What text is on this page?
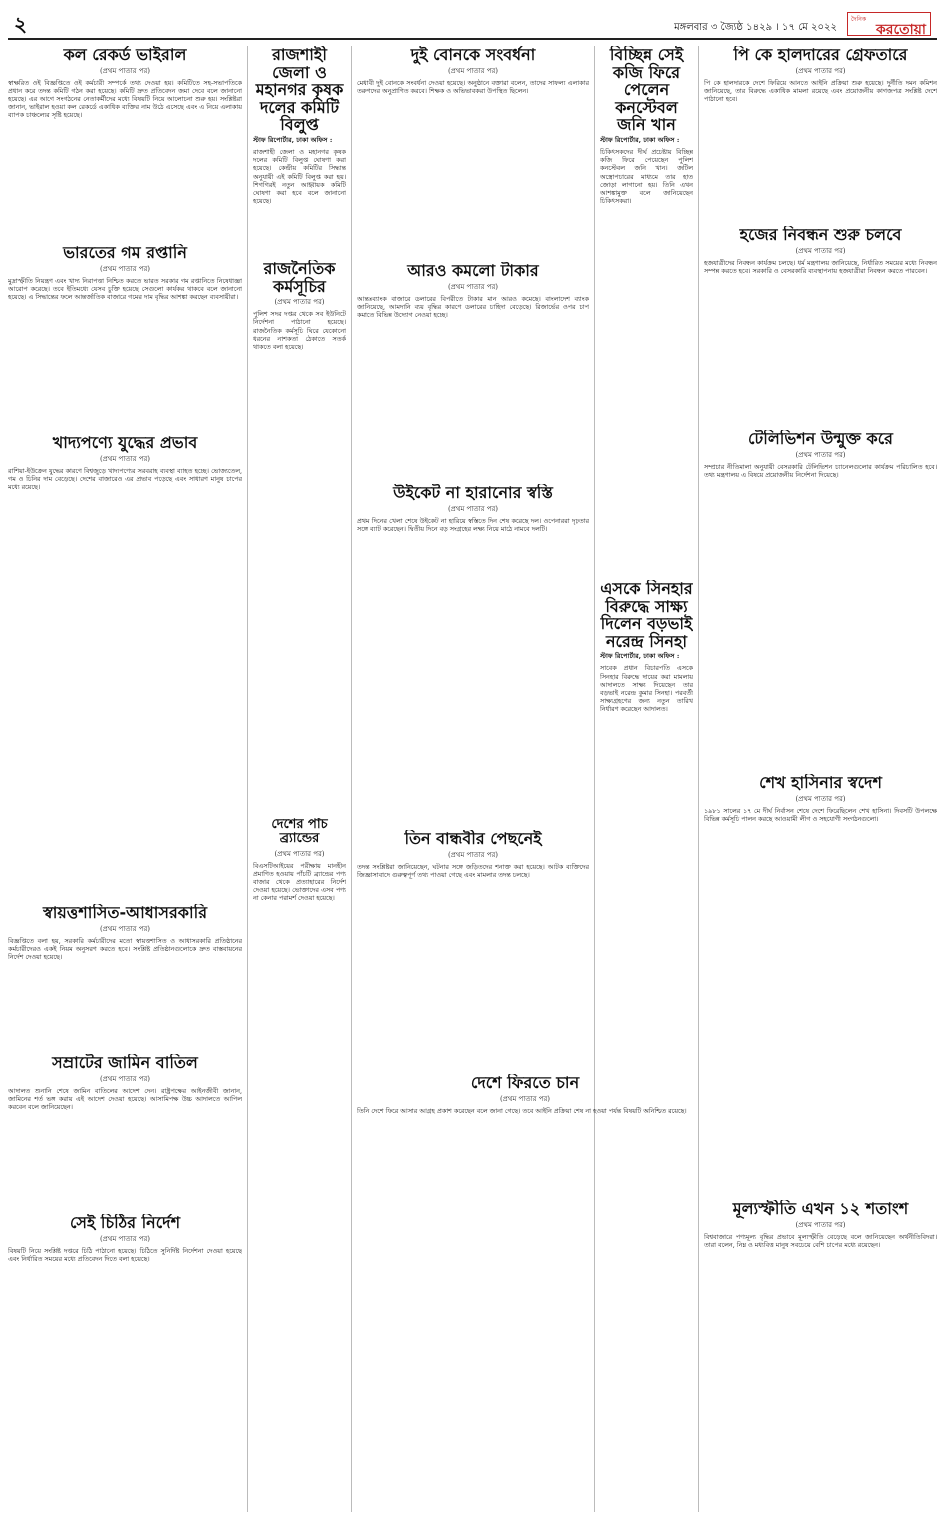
২	মঙ্গলবার ৩ জ্যৈষ্ঠ ১৪২৯ । ১৭ মে ২০২২
দৈনিক
করতোয়া
কল রেকর্ড ভাইরাল
(প্রথম পাতার পর)
স্বাক্ষরিত ওই বিজ্ঞপ্তিতে ওই কর্মচারী সম্পর্কে তথ্য দেওয়া হয়। কমিটিতে সহ-সভাপতিকে প্রধান করে তদন্ত কমিটি গঠন করা হয়েছে। কমিটি দ্রুত প্রতিবেদন জমা দেবে বলে জানানো হয়েছে। এর আগে সংগঠনের নেতাকর্মীদের মধ্যে বিষয়টি নিয়ে আলোচনা শুরু হয়। সংশ্লিষ্টরা জানান, ভাইরাল হওয়া কল রেকর্ডে একাধিক ব্যক্তির নাম উঠে এসেছে এবং এ নিয়ে এলাকায় ব্যাপক চাঞ্চল্যের সৃষ্টি হয়েছে।
ভারতের গম রপ্তানি
(প্রথম পাতার পর)
মুদ্রাস্ফীতি নিয়ন্ত্রণ এবং খাদ্য নিরাপত্তা নিশ্চিত করতে ভারত সরকার গম রপ্তানিতে নিষেধাজ্ঞা আরোপ করেছে। তবে ইতিমধ্যে যেসব চুক্তি হয়েছে সেগুলো কার্যকর থাকবে বলে জানানো হয়েছে। এ সিদ্ধান্তের ফলে আন্তর্জাতিক বাজারে গমের দাম বৃদ্ধির আশঙ্কা করছেন ব্যবসায়ীরা।
খাদ্যপণ্যে যুদ্ধের প্রভাব
(প্রথম পাতার পর)
রাশিয়া-ইউক্রেন যুদ্ধের কারণে বিশ্বজুড়ে খাদ্যপণ্যের সরবরাহ ব্যবস্থা ব্যাহত হচ্ছে। ভোজ্যতেল, গম ও চিনির দাম বেড়েছে। দেশের বাজারেও এর প্রভাব পড়েছে এবং সাধারণ মানুষ চাপের মধ্যে রয়েছে।
স্বায়ত্তশাসিত-আধাসরকারি
(প্রথম পাতার পর)
বিজ্ঞপ্তিতে বলা হয়, সরকারি কর্মচারীদের মতো স্বায়ত্তশাসিত ও আধাসরকারি প্রতিষ্ঠানের কর্মচারীদেরও একই নিয়ম অনুসরণ করতে হবে। সংশ্লিষ্ট প্রতিষ্ঠানগুলোকে দ্রুত বাস্তবায়নের নির্দেশ দেওয়া হয়েছে।
সম্রাটের জামিন বাতিল
(প্রথম পাতার পর)
আদালত শুনানি শেষে জামিন বাতিলের আদেশ দেন। রাষ্ট্রপক্ষের আইনজীবী জানান, জামিনের শর্ত ভঙ্গ করায় এই আদেশ দেওয়া হয়েছে। আসামিপক্ষ উচ্চ আদালতে আপিল করবেন বলে জানিয়েছেন।
সেই চিঠির নির্দেশ
(প্রথম পাতার পর)
বিষয়টি নিয়ে সংশ্লিষ্ট দপ্তরে চিঠি পাঠানো হয়েছে। চিঠিতে সুনির্দিষ্ট নির্দেশনা দেওয়া হয়েছে এবং নির্ধারিত সময়ের মধ্যে প্রতিবেদন দিতে বলা হয়েছে।
রাজশাহী জেলা ও মহানগর কৃষক দলের কমিটি বিলুপ্ত
স্টাফ রিপোর্টার, ঢাকা অফিস :
রাজশাহী জেলা ও মহানগর কৃষক দলের কমিটি বিলুপ্ত ঘোষণা করা হয়েছে। কেন্দ্রীয় কমিটির সিদ্ধান্ত অনুযায়ী এই কমিটি বিলুপ্ত করা হয়। শিগগিরই নতুন আহ্বায়ক কমিটি ঘোষণা করা হবে বলে জানানো হয়েছে।
রাজনৈতিক কর্মসূচির
(প্রথম পাতার পর)
পুলিশ সদর দপ্তর থেকে সব ইউনিটে নির্দেশনা পাঠানো হয়েছে। রাজনৈতিক কর্মসূচি ঘিরে যেকোনো ধরনের নাশকতা ঠেকাতে সতর্ক থাকতে বলা হয়েছে।
দেশের পাঁচ ব্র্যান্ডের
(প্রথম পাতার পর)
বিএসটিআইয়ের পরীক্ষায় মানহীন প্রমাণিত হওয়ায় পাঁচটি ব্র্যান্ডের পণ্য বাজার থেকে প্রত্যাহারের নির্দেশ দেওয়া হয়েছে। ভোক্তাদের এসব পণ্য না কেনার পরামর্শ দেওয়া হয়েছে।
দুই বোনকে সংবর্ধনা
(প্রথম পাতার পর)
মেধাবী দুই বোনকে সংবর্ধনা দেওয়া হয়েছে। অনুষ্ঠানে বক্তারা বলেন, তাদের সাফল্য এলাকার তরুণদের অনুপ্রাণিত করবে। শিক্ষক ও অভিভাবকরা উপস্থিত ছিলেন।
আরও কমলো টাকার
(প্রথম পাতার পর)
আন্তঃব্যাংক বাজারে ডলারের বিপরীতে টাকার মান আরও কমেছে। বাংলাদেশ ব্যাংক জানিয়েছে, আমদানি ব্যয় বৃদ্ধির কারণে ডলারের চাহিদা বেড়েছে। রিজার্ভের ওপর চাপ কমাতে বিভিন্ন উদ্যোগ নেওয়া হচ্ছে।
উইকেট না হারানোর স্বস্তি
(প্রথম পাতার পর)
প্রথম দিনের খেলা শেষে উইকেট না হারিয়ে স্বস্তিতে দিন শেষ করেছে দল। ওপেনাররা দৃঢ়তার সঙ্গে ব্যাট করেছেন। দ্বিতীয় দিনে বড় সংগ্রহের লক্ষ্য নিয়ে মাঠে নামবে দলটি।
তিন বান্ধবীর পেছনেই
(প্রথম পাতার পর)
তদন্ত সংশ্লিষ্টরা জানিয়েছেন, ঘটনার সঙ্গে জড়িতদের শনাক্ত করা হয়েছে। আটক ব্যক্তিদের জিজ্ঞাসাবাদে গুরুত্বপূর্ণ তথ্য পাওয়া গেছে এবং মামলার তদন্ত চলছে।
দেশে ফিরতে চান
(প্রথম পাতার পর)
তিনি দেশে ফিরে আসার আগ্রহ প্রকাশ করেছেন বলে জানা গেছে। তবে আইনি প্রক্রিয়া শেষ না হওয়া পর্যন্ত বিষয়টি অনিশ্চিত রয়েছে।
বিচ্ছিন্ন সেই কজি ফিরে পেলেন কনস্টেবল জনি খান
স্টাফ রিপোর্টার, ঢাকা অফিস :
চিকিৎসকদের দীর্ঘ প্রচেষ্টায় বিচ্ছিন্ন কজি ফিরে পেয়েছেন পুলিশ কনস্টেবল জনি খান। জটিল অস্ত্রোপচারের মাধ্যমে তার হাত জোড়া লাগানো হয়। তিনি এখন আশঙ্কামুক্ত বলে জানিয়েছেন চিকিৎসকরা।
এসকে সিনহার বিরুদ্ধে সাক্ষ্য দিলেন বড়ভাই নরেন্দ্র সিনহা
স্টাফ রিপোর্টার, ঢাকা অফিস :
সাবেক প্রধান বিচারপতি এসকে সিনহার বিরুদ্ধে দায়ের করা মামলায় আদালতে সাক্ষ্য দিয়েছেন তার বড়ভাই নরেন্দ্র কুমার সিনহা। পরবর্তী সাক্ষ্যগ্রহণের জন্য নতুন তারিখ নির্ধারণ করেছেন আদালত।
পি কে হালদারের গ্রেফতারে
(প্রথম পাতার পর)
পি কে হালদারকে দেশে ফিরিয়ে আনতে আইনি প্রক্রিয়া শুরু হয়েছে। দুর্নীতি দমন কমিশন জানিয়েছে, তার বিরুদ্ধে একাধিক মামলা রয়েছে এবং প্রয়োজনীয় কাগজপত্র সংশ্লিষ্ট দেশে পাঠানো হবে।
হজের নিবন্ধন শুরু চলবে
(প্রথম পাতার পর)
হজযাত্রীদের নিবন্ধন কার্যক্রম চলছে। ধর্ম মন্ত্রণালয় জানিয়েছে, নির্ধারিত সময়ের মধ্যে নিবন্ধন সম্পন্ন করতে হবে। সরকারি ও বেসরকারি ব্যবস্থাপনায় হজযাত্রীরা নিবন্ধন করতে পারবেন।
টেলিভিশন উন্মুক্ত করে
(প্রথম পাতার পর)
সম্প্রচার নীতিমালা অনুযায়ী বেসরকারি টেলিভিশন চ্যানেলগুলোর কার্যক্রম পরিচালিত হবে। তথ্য মন্ত্রণালয় এ বিষয়ে প্রয়োজনীয় নির্দেশনা দিয়েছে।
শেখ হাসিনার স্বদেশ
(প্রথম পাতার পর)
১৯৮১ সালের ১৭ মে দীর্ঘ নির্বাসন শেষে দেশে ফিরেছিলেন শেখ হাসিনা। দিবসটি উপলক্ষে বিভিন্ন কর্মসূচি পালন করছে আওয়ামী লীগ ও সহযোগী সংগঠনগুলো।
মূল্যস্ফীতি এখন ১২ শতাংশ
(প্রথম পাতার পর)
বিশ্ববাজারে পণ্যমূল্য বৃদ্ধির প্রভাবে মূল্যস্ফীতি বেড়েছে বলে জানিয়েছেন অর্থনীতিবিদরা। তারা বলেন, নিম্ন ও মধ্যবিত্ত মানুষ সবচেয়ে বেশি চাপের মধ্যে রয়েছেন।
